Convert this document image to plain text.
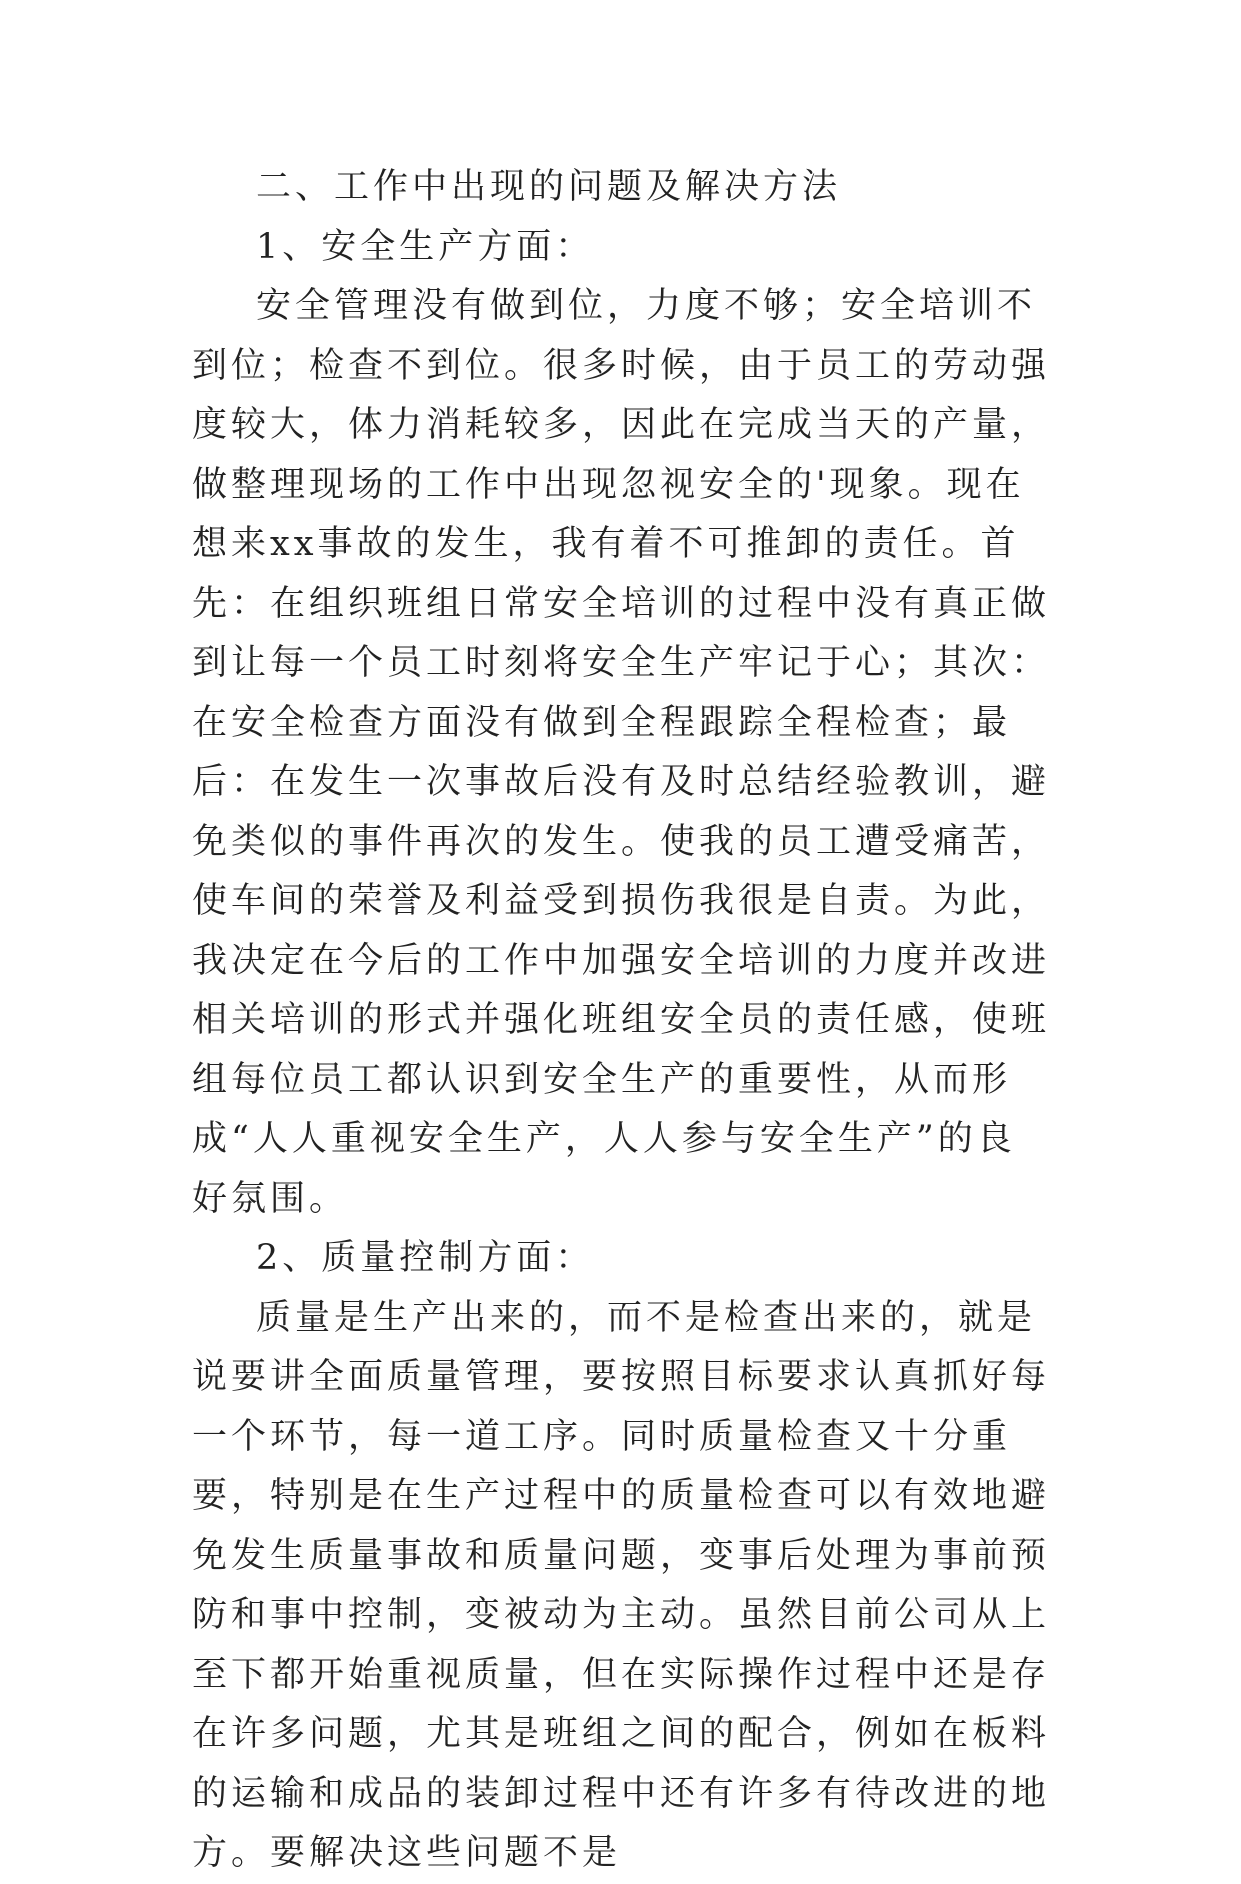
二、工作中出现的问题及解决方法

1、安全生产方面：

安全管理没有做到位，力度不够；安全培训不到位；检查不到位。很多时候，由于员工的劳动强度较大，体力消耗较多，因此在完成当天的产量，做整理现场的工作中出现忽视安全的'现象。现在想来xx事故的发生，我有着不可推卸的责任。首先：在组织班组日常安全培训的过程中没有真正做到让每一个员工时刻将安全生产牢记于心；其次：在安全检查方面没有做到全程跟踪全程检查；最后：在发生一次事故后没有及时总结经验教训，避免类似的事件再次的发生。使我的员工遭受痛苦，使车间的荣誉及利益受到损伤我很是自责。为此，我决定在今后的工作中加强安全培训的力度并改进相关培训的形式并强化班组安全员的责任感，使班组每位员工都认识到安全生产的重要性，从而形成“人人重视安全生产，人人参与安全生产”的良好氛围。

2、质量控制方面：

质量是生产出来的，而不是检查出来的，就是说要讲全面质量管理，要按照目标要求认真抓好每一个环节，每一道工序。同时质量检查又十分重要，特别是在生产过程中的质量检查可以有效地避免发生质量事故和质量问题，变事后处理为事前预防和事中控制，变被动为主动。虽然目前公司从上至下都开始重视质量，但在实际操作过程中还是存在许多问题，尤其是班组之间的配合，例如在板料的运输和成品的装卸过程中还有许多有待改进的地方。要解决这些问题不是
